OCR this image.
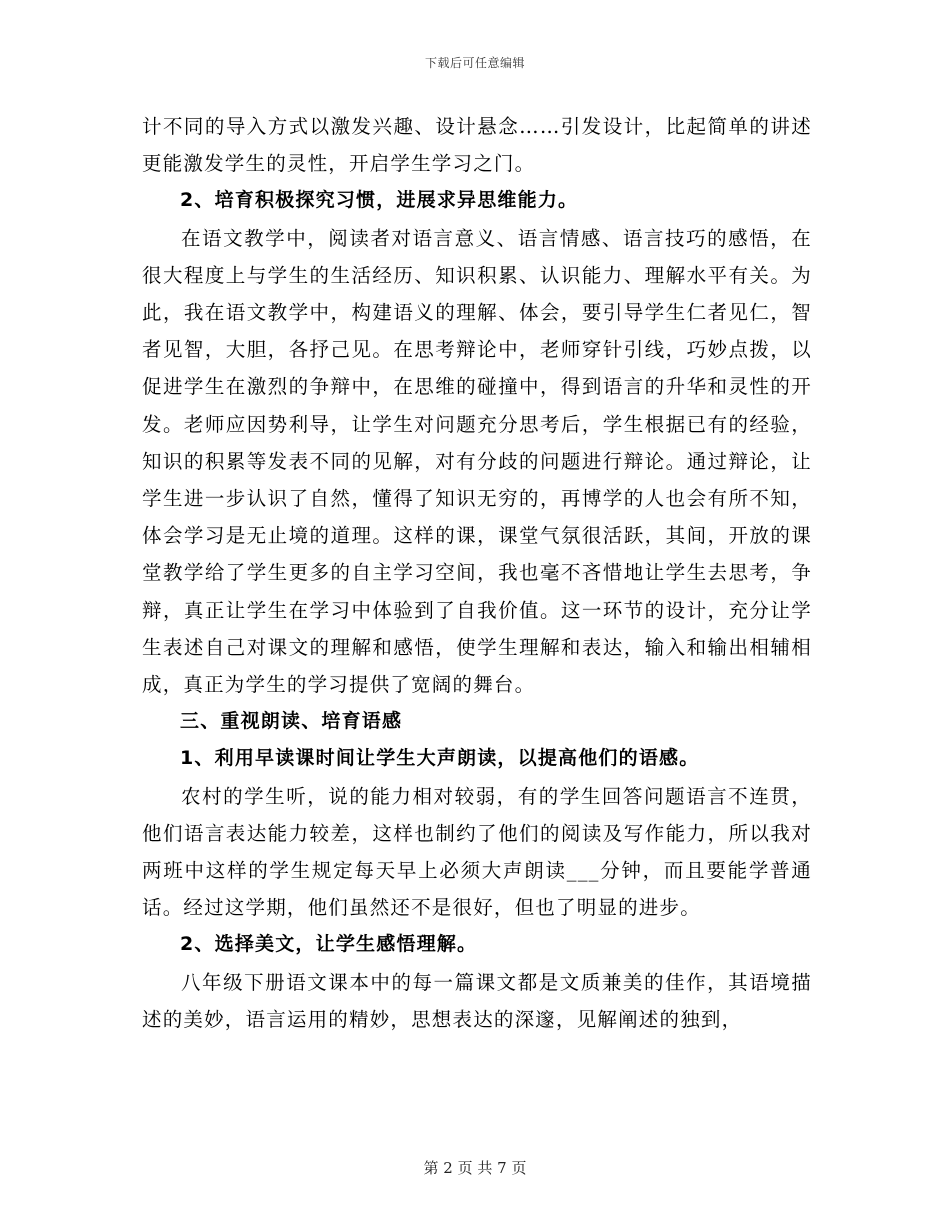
下载后可任意编辑

计不同的导入方式以激发兴趣、设计悬念……引发设计，比起简单的讲述更能激发学生的灵性，开启学生学习之门。

2、培育积极探究习惯，进展求异思维能力。

在语文教学中，阅读者对语言意义、语言情感、语言技巧的感悟，在很大程度上与学生的生活经历、知识积累、认识能力、理解水平有关。为此，我在语文教学中，构建语义的理解、体会，要引导学生仁者见仁，智者见智，大胆，各抒己见。在思考辩论中，老师穿针引线，巧妙点拨，以促进学生在激烈的争辩中，在思维的碰撞中，得到语言的升华和灵性的开发。老师应因势利导，让学生对问题充分思考后，学生根据已有的经验，知识的积累等发表不同的见解，对有分歧的问题进行辩论。通过辩论，让学生进一步认识了自然，懂得了知识无穷的，再博学的人也会有所不知，体会学习是无止境的道理。这样的课，课堂气氛很活跃，其间，开放的课堂教学给了学生更多的自主学习空间，我也毫不吝惜地让学生去思考，争辩，真正让学生在学习中体验到了自我价值。这一环节的设计，充分让学生表述自己对课文的理解和感悟，使学生理解和表达，输入和输出相辅相成，真正为学生的学习提供了宽阔的舞台。

三、重视朗读、培育语感

1、利用早读课时间让学生大声朗读，以提高他们的语感。

农村的学生听，说的能力相对较弱，有的学生回答问题语言不连贯，他们语言表达能力较差，这样也制约了他们的阅读及写作能力，所以我对两班中这样的学生规定每天早上必须大声朗读___分钟，而且要能学普通话。经过这学期，他们虽然还不是很好，但也了明显的进步。

2、选择美文，让学生感悟理解。

八年级下册语文课本中的每一篇课文都是文质兼美的佳作，其语境描述的美妙，语言运用的精妙，思想表达的深邃，见解阐述的独到，

第 2 页 共 7 页
